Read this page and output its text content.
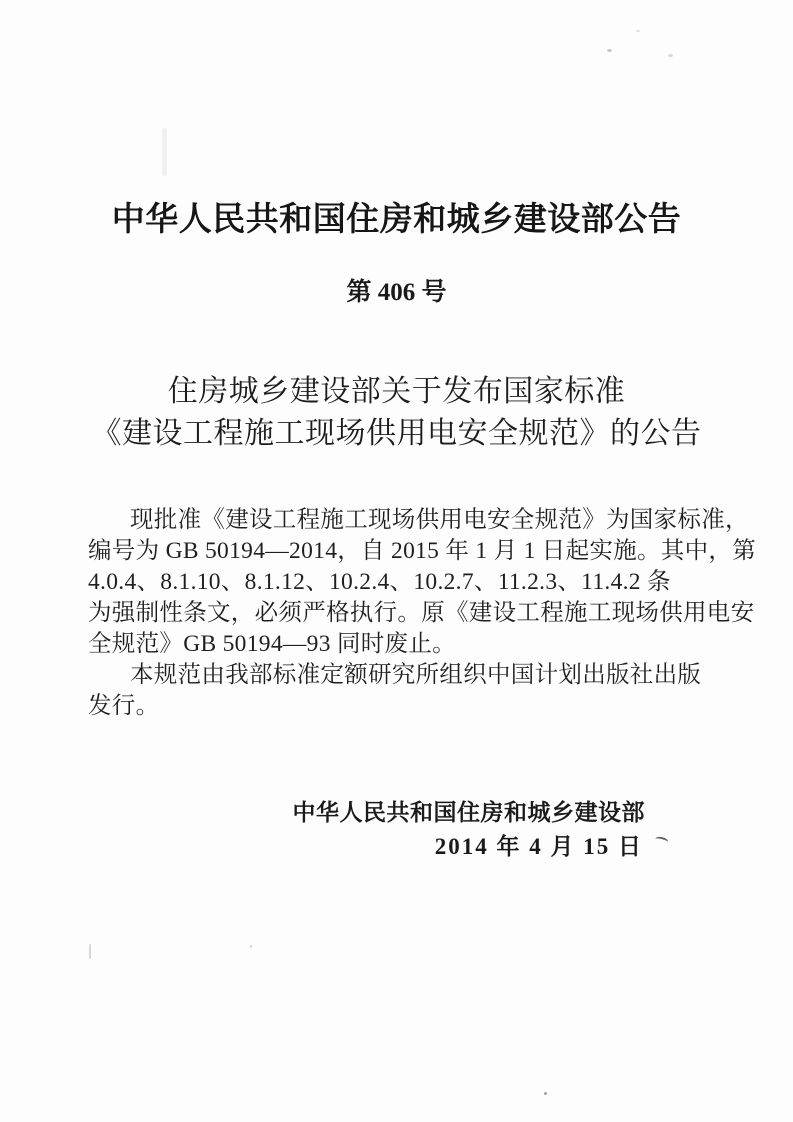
中华人民共和国住房和城乡建设部公告
第 406 号
住房城乡建设部关于发布国家标准
《建设工程施工现场供用电安全规范》的公告
现批准《建设工程施工现场供用电安全规范》为国家标准，
编号为 GB 50194—2014，自 2015 年 1 月 1 日起实施。其中，第
4.0.4、8.1.10、8.1.12、10.2.4、10.2.7、11.2.3、11.4.2 条
为强制性条文，必须严格执行。原《建设工程施工现场供用电安
全规范》GB 50194—93 同时废止。
本规范由我部标准定额研究所组织中国计划出版社出版
发行。
中华人民共和国住房和城乡建设部
2014 年 4 月 15 日
